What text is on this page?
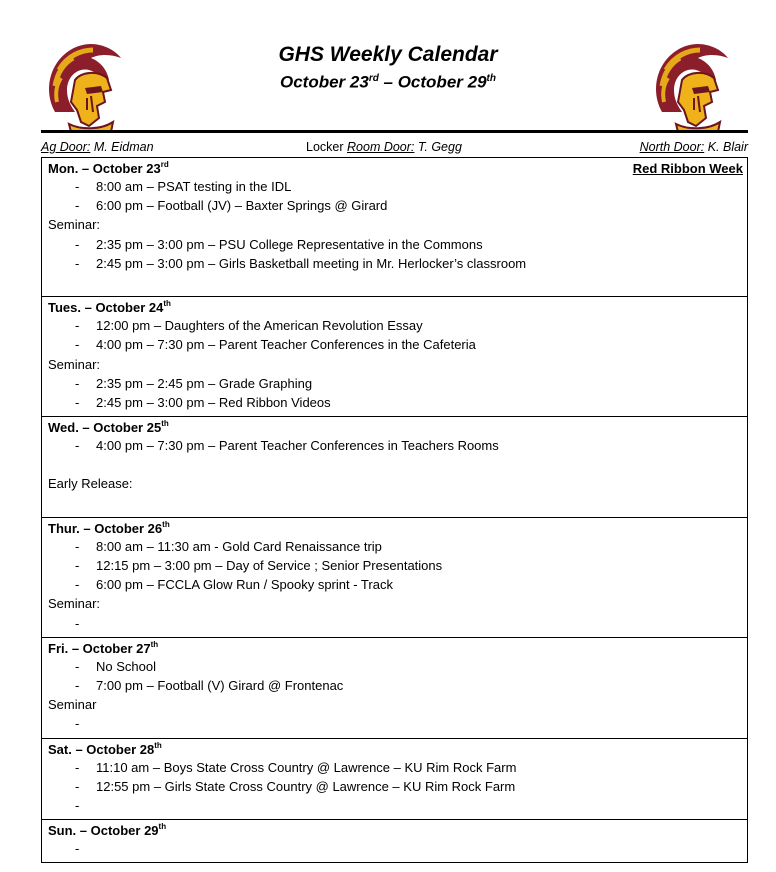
GHS Weekly Calendar
October 23rd – October 29th
Ag Door: M. Eidman	Locker Room Door: T. Gegg	North Door: K. Blair
Mon. – October 23rd	Red Ribbon Week
- 8:00 am – PSAT testing in the IDL
- 6:00 pm – Football (JV) – Baxter Springs @ Girard
Seminar:
- 2:35 pm – 3:00 pm – PSU College Representative in the Commons
- 2:45 pm – 3:00 pm – Girls Basketball meeting in Mr. Herlocker’s classroom
Tues. – October 24th
- 12:00 pm – Daughters of the American Revolution Essay
- 4:00 pm – 7:30 pm – Parent Teacher Conferences in the Cafeteria
Seminar:
- 2:35 pm – 2:45 pm – Grade Graphing
- 2:45 pm – 3:00 pm – Red Ribbon Videos
Wed. – October 25th
- 4:00 pm – 7:30 pm – Parent Teacher Conferences in Teachers Rooms
Early Release:
Thur. – October 26th
- 8:00 am – 11:30 am - Gold Card Renaissance trip
- 12:15 pm – 3:00 pm – Day of Service ; Senior Presentations
- 6:00 pm – FCCLA Glow Run / Spooky sprint - Track
Seminar:
-
Fri. – October 27th
- No School
- 7:00 pm – Football (V) Girard @ Frontenac
Seminar
-
Sat. – October 28th
- 11:10 am – Boys State Cross Country @ Lawrence – KU Rim Rock Farm
- 12:55 pm – Girls State Cross Country @ Lawrence – KU Rim Rock Farm
-
Sun. – October 29th
-
